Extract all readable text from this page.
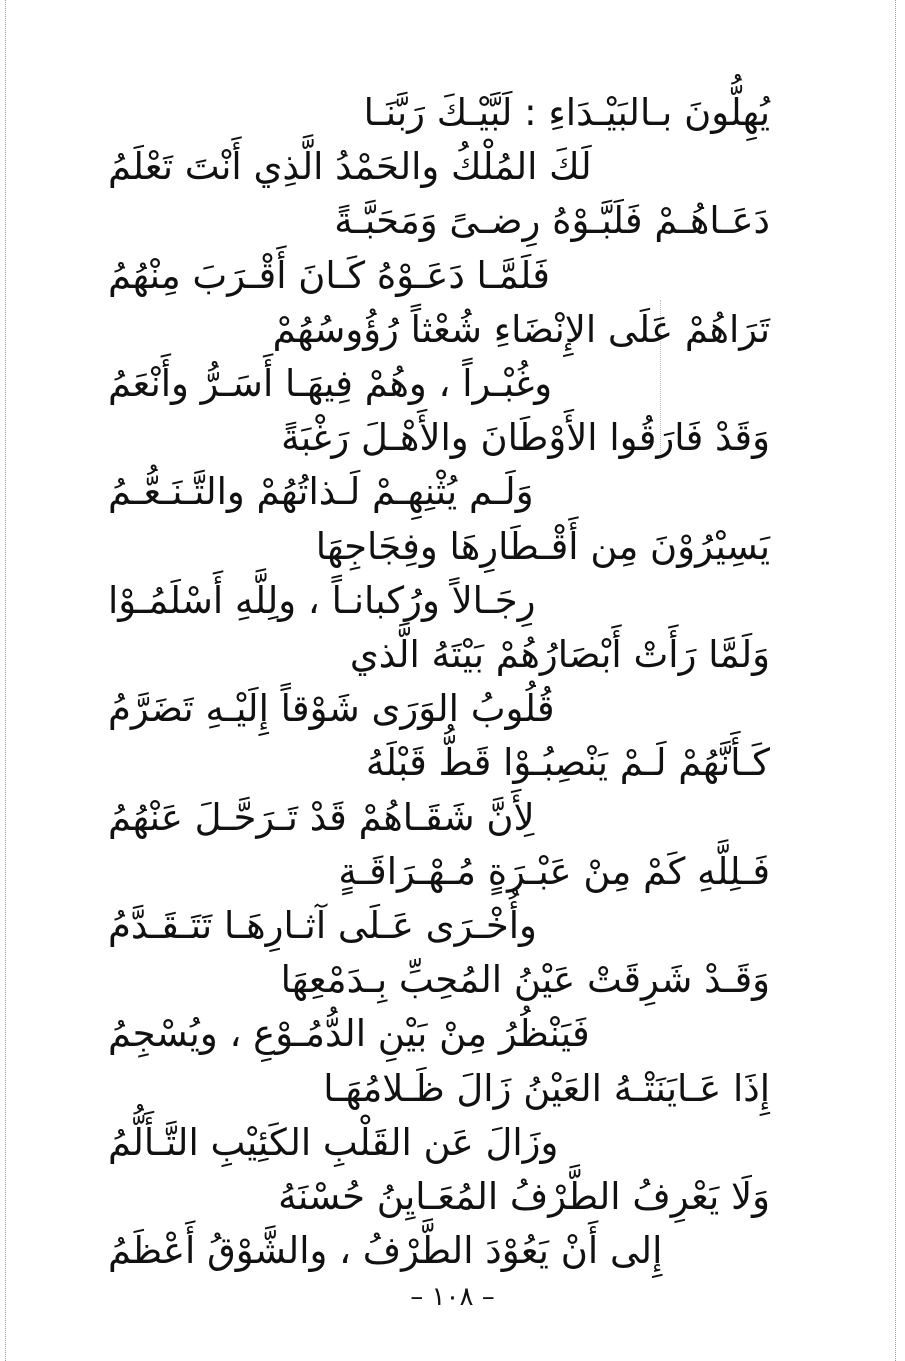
يُهِلُّونَ بـالبَيْـدَاءِ : لَبَّيْـكَ رَبَّنَـا
لَكَ المُلْكُ والحَمْدُ الَّذِي أَنْتَ تَعْلَمُ
دَعَـاهُـمْ فَلَبَّـوْهُ رِضـىً وَمَحَبَّـةً
فَلَمَّـا دَعَـوْهُ كَـانَ أَقْـرَبَ مِنْهُمُ
تَرَاهُمْ عَلَى الإِنْضَاءِ شُعْثاً رُؤُوسُهُمْ
وغُبْـراً ، وهُمْ فِيهَـا أَسَـرُّ وأَنْعَمُ
وَقَدْ فَارَقُوا الأَوْطَانَ والأَهْـلَ رَغْبَةً
وَلَـم يُثْنِهِـمْ لَـذاتُهُمْ والتَّـنَـعُّـمُ
يَسِيْرُوْنَ مِن أَقْـطَارِهَا وفِجَاجِهَا
رِجَـالاً ورُكبانـاً ، ولِلَّهِ أَسْلَمُـوْا
وَلَمَّا رَأَتْ أَبْصَارُهُمْ بَيْتَهُ الَّذي
قُلُوبُ الوَرَى شَوْقاً إِلَيْـهِ تَضَرَّمُ
كَـأَنَّهُمْ لَـمْ يَنْصِبُـوْا قَطُّ قَبْلَهُ
لِأَنَّ شَقَـاهُمْ قَدْ تَـرَحَّـلَ عَنْهُمُ
فَـلِلَّهِ كَمْ مِنْ عَبْـرَةٍ مُـهْـرَاقَـةٍ
وأُخْـرَى عَـلَى آثـارِهَـا تَتَـقَـدَّمُ
وَقَـدْ شَرِقَتْ عَيْنُ المُحِبِّ بِـدَمْعِهَا
فَيَنْظُرُ مِنْ بَيْنِ الدُّمُـوْعِ ، ويُسْجِمُ
إِذَا عَـايَنَتْـهُ العَيْنُ زَالَ ظَـلامُهَـا
وزَالَ عَن القَلْبِ الكَئِيْبِ التَّـأَلُّمُ
وَلَا يَعْرِفُ الطَّرْفُ المُعَـايِنُ حُسْنَهُ
إِلى أَنْ يَعُوْدَ الطَّرْفُ ، والشَّوْقُ أَعْظَمُ
– ١٠٨ –
